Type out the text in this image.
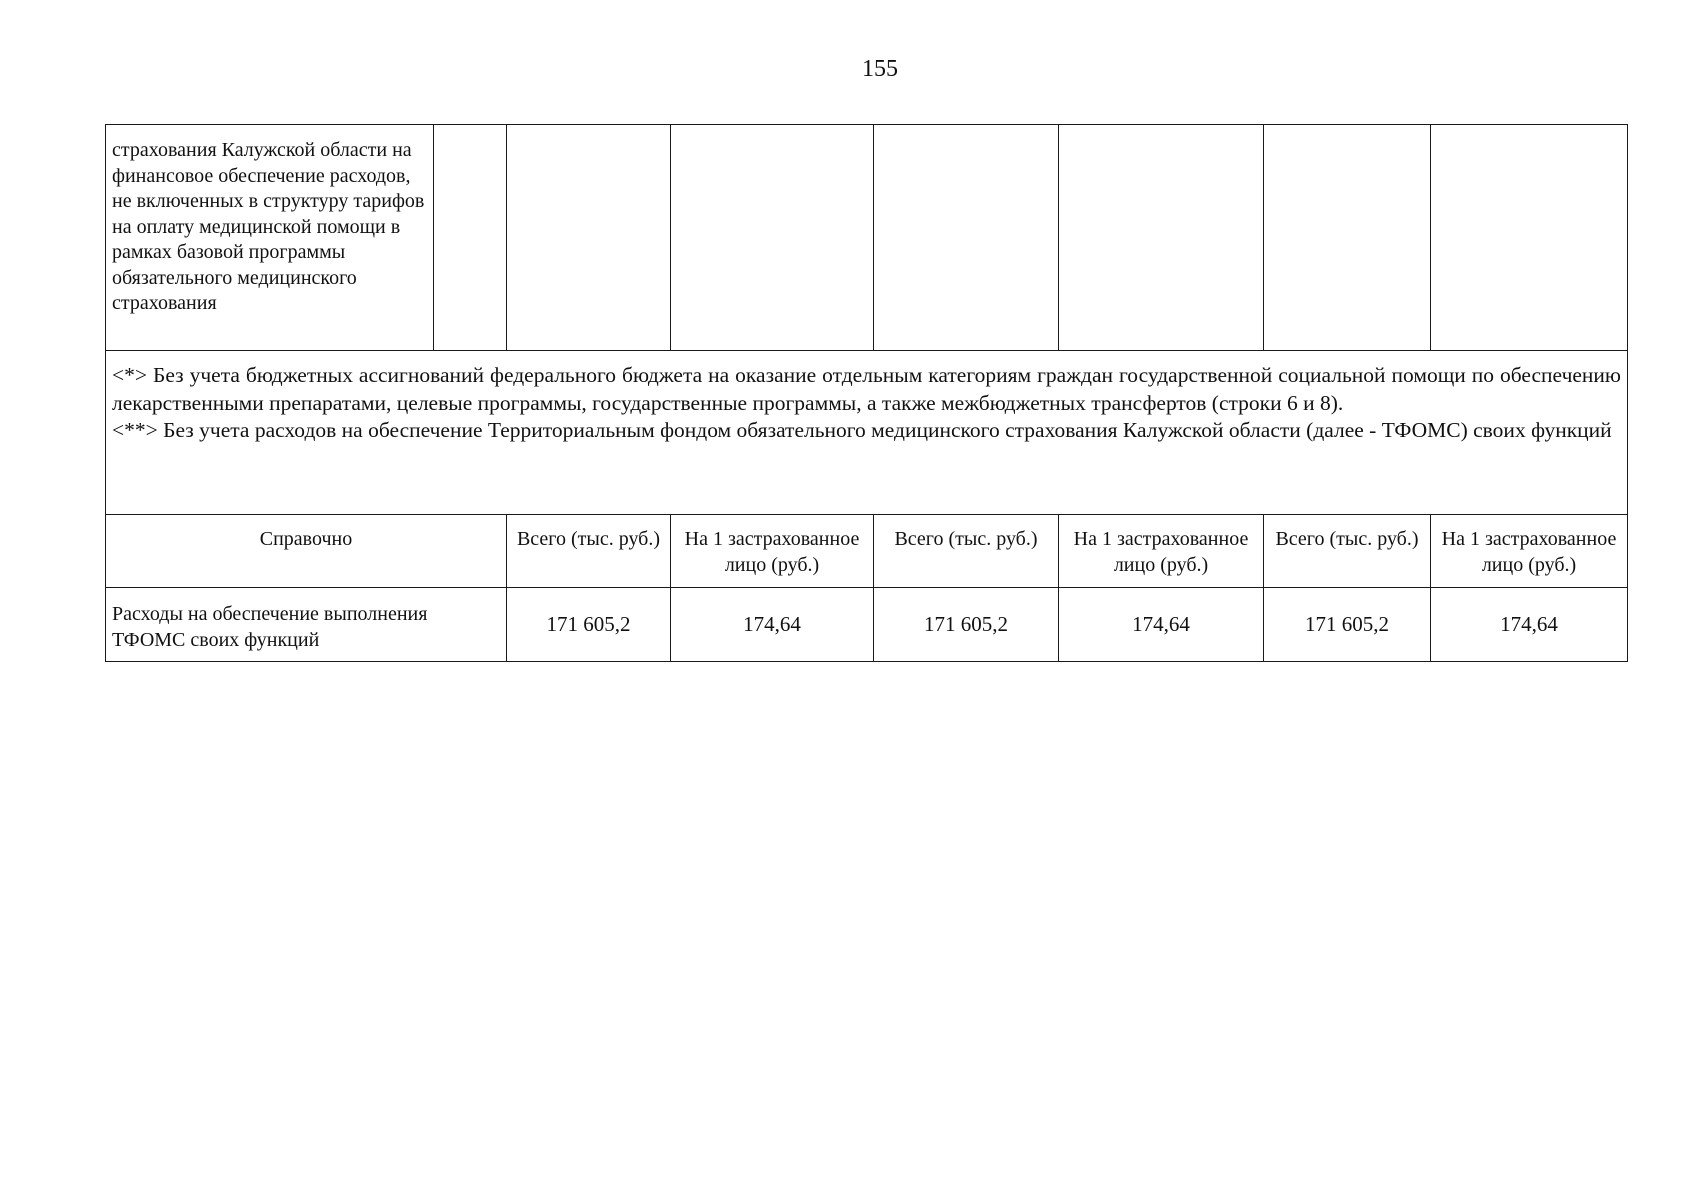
155
страхования Калужской области на финансовое обеспечение расходов, не включенных в структуру тарифов на оплату медицинской помощи в рамках базовой программы обязательного медицинского страхования							

<*> Без учета бюджетных ассигнований федерального бюджета на оказание отдельным категориям граждан государственной социальной помощи по обеспечению лекарственными препаратами, целевые программы, государственные программы, а также межбюджетных трансфертов (строки 6 и 8).

<**> Без учета расходов на обеспечение Территориальным фондом обязательного медицинского страхования Калужской области (далее - ТФОМС) своих функций							

Справочно		Всего (тыс. руб.)	На 1 застрахованное лицо (руб.)	Всего (тыс. руб.)	На 1 застрахованное лицо (руб.)	Всего (тыс. руб.)	На 1 застрахованное лицо (руб.)
Расходы на обеспечение выполнения ТФОМС своих функций		171 605,2	174,64	171 605,2	174,64	171 605,2	174,64
